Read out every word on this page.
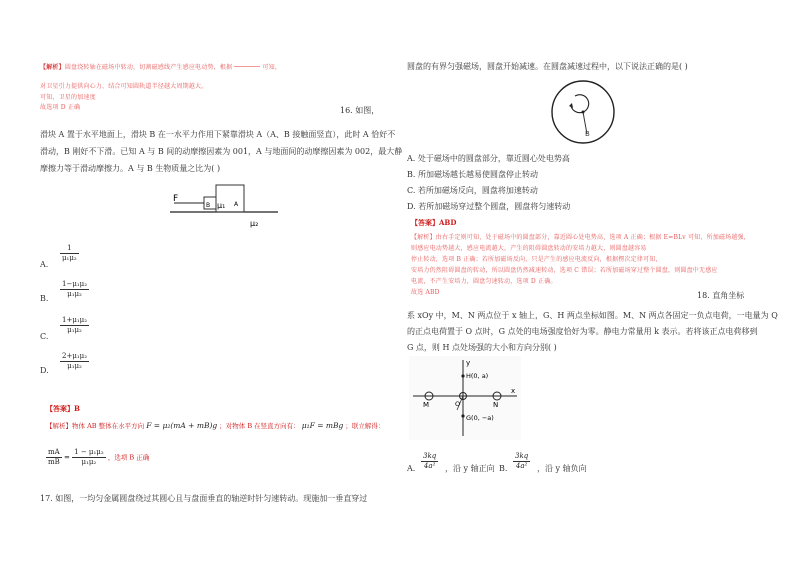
【解析】圆盘绕转轴在磁场中转动，切割磁感线产生感应电动势，根据	可知，
对卫星引力提供向心力，结合可知圆轨道半径越大周期越大。
可知，卫星的加速度
故选项 D 正确	16. 如图，
滑块 A 置于水平地面上，滑块 B 在一水平力作用下紧靠滑块 A（A、B 接触面竖直），此时 A 恰好不
滑动，B 刚好不下滑。已知 A 与 B 间的动摩擦因素为 001，A 与地面间的动摩擦因素为 002，最大静
摩擦力等于滑动摩擦力。A 与 B 生物质量之比为( )
F
B	A
μ₁
μ₂
A.
$\frac{1}{\text{μ₁μ₂}}$
B. $\frac{\text{1−μ₁μ₂}}{\text{μ₁μ₂}}$
C.
$\frac{\text{1+μ₁μ₂}}{\text{μ₁μ₂}}$
D. $\frac{\text{2+μ₁μ₂}}{\text{μ₁μ₂}}$
【答案】B
【解析】物体 AB 整体在水平方向 F = μ₂(mA + mB)g ；对物体 B 在竖直方向有： μ₁F = mBg ；联立解得：
$\frac{mA}{mB} = \frac{\text{1 − μ₁μ₂}}{\text{μ₁μ₂}}$ ，选项 B 正确
17. 如图，一均匀金属圆盘绕过其圆心且与盘面垂直的轴逆时针匀速转动。现施加一垂直穿过
圆盘的有界匀强磁场，圆盘开始减速。在圆盘减速过程中，以下说法正确的是( )
B
A. 处于磁场中的圆盘部分，靠近圆心处电势高
B. 所加磁场越长越易使圆盘停止转动
C. 若所加磁场反向，圆盘将加速转动
D. 若所加磁场穿过整个圆盘，圆盘将匀速转动
【答案】ABD
【解析】由右手定则可知，处于磁场中的圆盘部分，靠近圆心处电势高，选项 A 正确；根据 E=BLv 可知，所加磁场越强，
则感应电动势越大，感应电流越大，产生的阻碍圆盘转动的安培力越大，则圆盘越容易
停止转动，选项 B 正确；若所加磁场反向，只是产生的感应电流反向，根据楞次定律可知，
安培力仍然阻碍圆盘的转动，所以圆盘仍然减速转动，选项 C 错误；若所加磁场穿过整个圆盘，则圆盘中无感应
电流，不产生安培力，圆盘匀速转动，选项 D 正确。
故选 ABD	18. 直角坐标
系 xOy 中，M、N 两点位于 x 轴上，G、H 两点坐标如图。M、N 两点各固定一负点电荷，一电量为 Q
的正点电荷置于 O 点时，G 点处的电场强度恰好为零。静电力常量用 k 表示。若将该正点电荷移到
G 点，则 H 点处场强的大小和方向分别( )
x
y
H(0, a)
G(0, −a)
M	N
O
A. $\frac{3kq}{\text{4a²}}$ ，沿 y 轴正向 B. $\frac{3kq}{\text{4a²}}$ ，沿 y 轴负向
